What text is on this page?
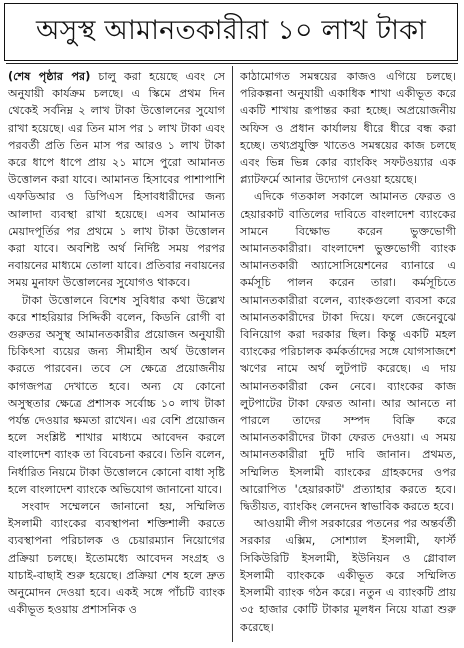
অসুস্থ আমানতকারীরা ১০ লাখ টাকা

(শেষ পৃষ্ঠার পর) চালু করা হয়েছে এবং সে অনুযায়ী কার্যক্রম চলছে। এ স্কিমে প্রথম দিন থেকেই সর্বনিম্ন ২ লাখ টাকা উত্তোলনের সুযোগ রাখা হয়েছে। এর তিন মাস পর ১ লাখ টাকা এবং পরবর্তী প্রতি তিন মাস পর আরও ১ লাখ টাকা করে ধাপে ধাপে প্রায় ২১ মাসে পুরো আমানত উত্তোলন করা যাবে। আমানত হিসাবের পাশাপাশি এফডিআর ও ডিপিএস হিসাবধারীদের জন্য আলাদা ব্যবস্থা রাখা হয়েছে। এসব আমানত মেয়াদপূর্তির পর প্রথমে ১ লাখ টাকা উত্তোলন করা যাবে। অবশিষ্ট অর্থ নির্দিষ্ট সময় পরপর নবায়নের মাধ্যমে তোলা যাবে। প্রতিবার নবায়নের সময় মুনাফা উত্তোলনের সুযোগও থাকবে।

টাকা উত্তোলনে বিশেষ সুবিধার কথা উল্লেখ করে শাহরিয়ার সিদ্দিকী বলেন, কিডনি রোগী বা গুরুতর অসুস্থ আমানতকারীর প্রয়োজন অনুযায়ী চিকিৎসা ব্যয়ের জন্য সীমাহীন অর্থ উত্তোলন করতে পারবেন। তবে সে ক্ষেত্রে প্রয়োজনীয় কাগজপত্র দেখাতে হবে। অন্য যে কোনো অসুস্থতার ক্ষেত্রে প্রশাসক সর্বোচ্চ ১০ লাখ টাকা পর্যন্ত দেওয়ার ক্ষমতা রাখেন। এর বেশি প্রয়োজন হলে সংশ্লিষ্ট শাখার মাধ্যমে আবেদন করলে বাংলাদেশ ব্যাংক তা বিবেচনা করবে। তিনি বলেন, নির্ধারিত নিয়মে টাকা উত্তোলনে কোনো বাধা সৃষ্টি হলে বাংলাদেশ ব্যাংকে অভিযোগ জানানো যাবে।

সংবাদ সম্মেলনে জানানো হয়, সম্মিলিত ইসলামী ব্যাংকের ব্যবস্থাপনা শক্তিশালী করতে ব্যবস্থাপনা পরিচালক ও চেয়ারম্যান নিয়োগের প্রক্রিয়া চলছে। ইতোমধ্যে আবেদন সংগ্রহ ও যাচাই-বাছাই শুরু হয়েছে। প্রক্রিয়া শেষ হলে দ্রুত অনুমোদন দেওয়া হবে। একই সঙ্গে পাঁচটি ব্যাংক একীভূত হওয়ায় প্রশাসনিক ও

কাঠামোগত সমন্বয়ের কাজও এগিয়ে চলছে। পরিকল্পনা অনুযায়ী একাধিক শাখা একীভূত করে একটি শাখায় রূপান্তর করা হচ্ছে। অপ্রয়োজনীয় অফিস ও প্রধান কার্যালয় ধীরে ধীরে বন্ধ করা হচ্ছে। তথ্যপ্রযুক্তি খাতেও সমন্বয়ের কাজ চলছে এবং ভিন্ন ভিন্ন কোর ব্যাংকিং সফটওয়্যার এক প্ল্যাটফর্মে আনার উদ্যোগ নেওয়া হয়েছে।

এদিকে গতকাল সকালে আমানত ফেরত ও হেয়ারকাট বাতিলের দাবিতে বাংলাদেশ ব্যাংকের সামনে বিক্ষোভ করেন ভুক্তভোগী আমানতকারীরা। বাংলাদেশ ভুক্তভোগী ব্যাংক আমানতকারী অ্যাসোসিয়েশনের ব্যানারে এ কর্মসূচি পালন করেন তারা। কর্মসূচিতে আমানতকারীরা বলেন, ব্যাংকগুলো ব্যবসা করে আমানতকারীদের টাকা দিয়ে। ফলে জেনেবুঝে বিনিয়োগ করা দরকার ছিল। কিন্তু একটি মহল ব্যাংকের পরিচালক কর্মকর্তাদের সঙ্গে যোগসাজশে ঋণের নামে অর্থ লুটপাট করেছে। এ দায় আমানতকারীরা কেন নেবে। ব্যাংকের কাজ লুটপাটের টাকা ফেরত আনা। আর আনতে না পারলে তাদের সম্পদ বিক্রি করে আমানতকারীদের টাকা ফেরত দেওয়া। এ সময় আমানতকারীরা দুটি দাবি জানান। প্রথমত, সম্মিলিত ইসলামী ব্যাংকের গ্রাহকদের ওপর আরোপিত 'হেয়ারকাট' প্রত্যাহার করতে হবে। দ্বিতীয়ত, ব্যাংকিং লেনদেন স্বাভাবিক করতে হবে।

আওয়ামী লীগ সরকারের পতনের পর অন্তর্বর্তী সরকার এক্সিম, সোশ্যাল ইসলামী, ফার্স্ট সিকিউরিটি ইসলামী, ইউনিয়ন ও গ্লোবাল ইসলামী ব্যাংককে একীভূত করে সম্মিলিত ইসলামী ব্যাংক গঠন করে। নতুন এ ব্যাংকটি প্রায় ৩৫ হাজার কোটি টাকার মূলধন নিয়ে যাত্রা শুরু করেছে।
